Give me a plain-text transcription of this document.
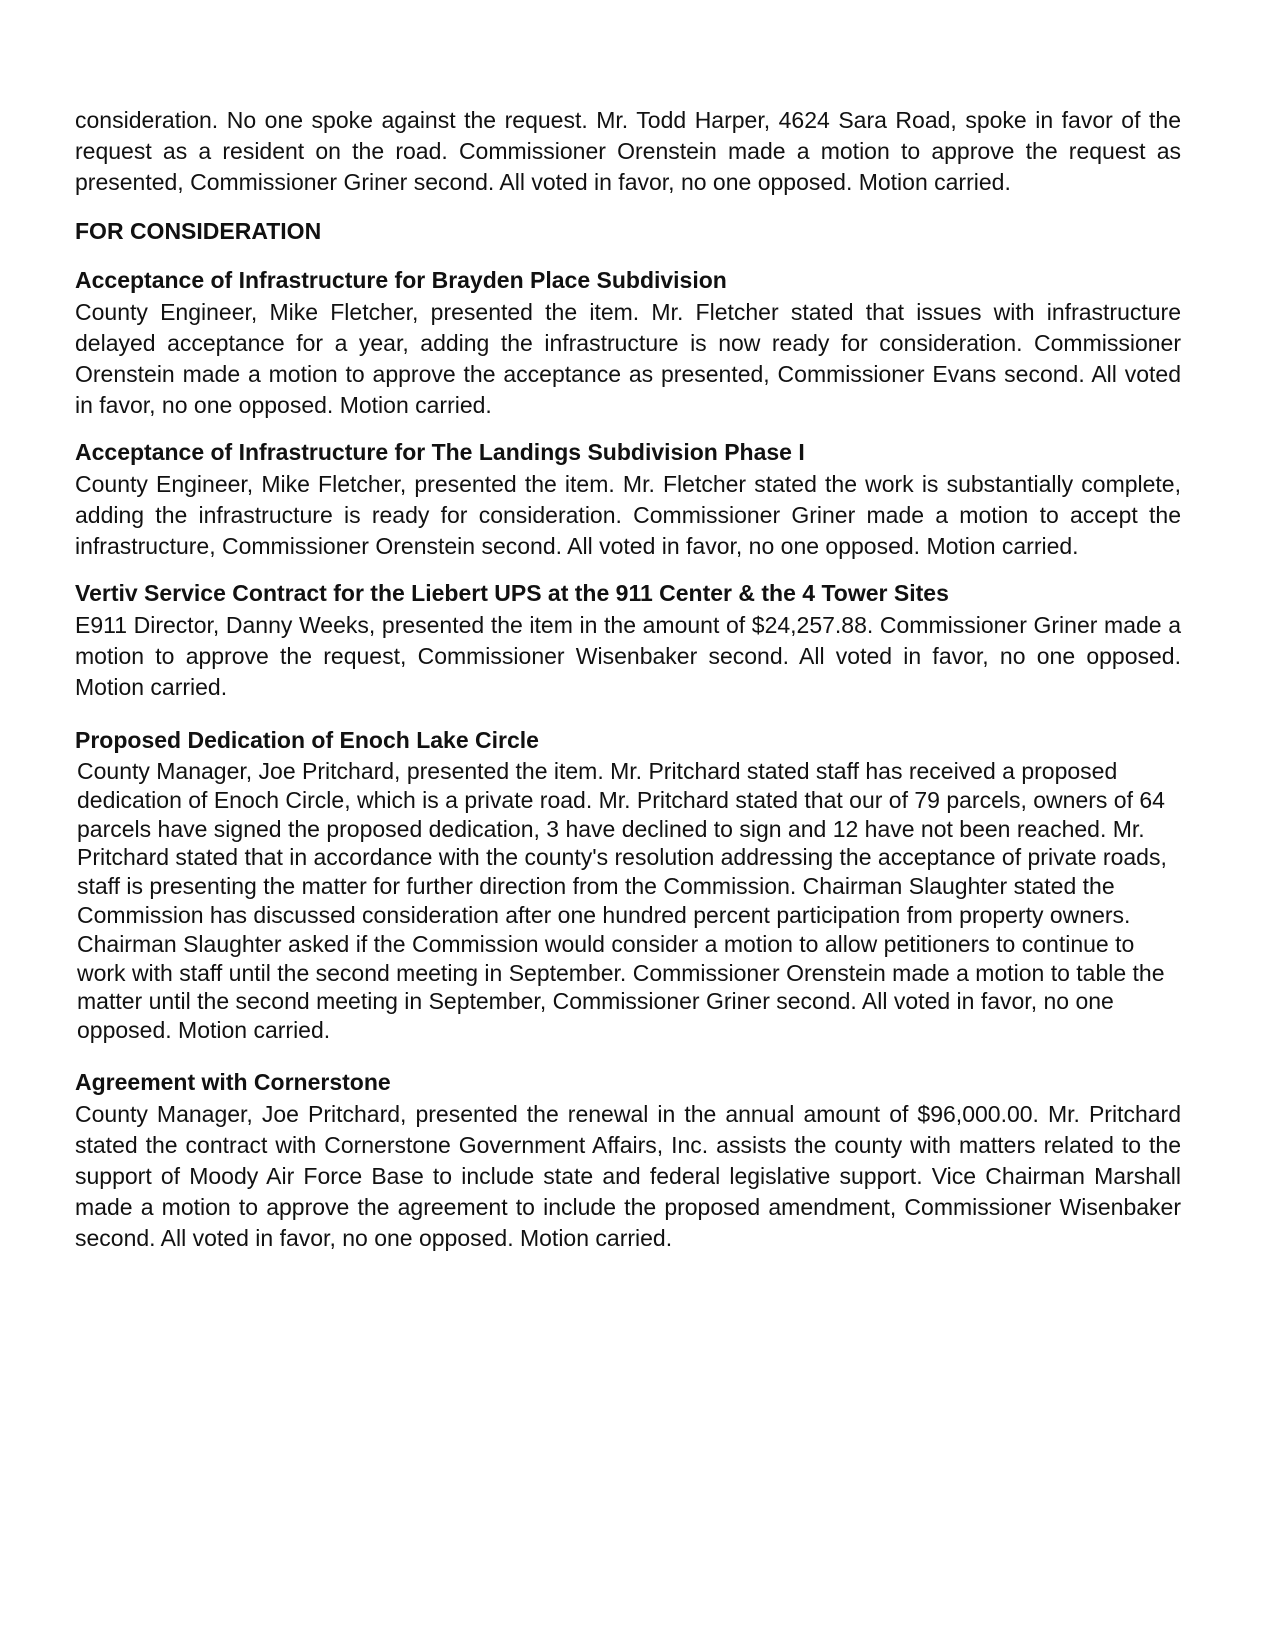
consideration. No one spoke against the request. Mr. Todd Harper, 4624 Sara Road, spoke in favor of the request as a resident on the road. Commissioner Orenstein made a motion to approve the request as presented, Commissioner Griner second. All voted in favor, no one opposed. Motion carried.

FOR CONSIDERATION
Acceptance of Infrastructure for Brayden Place Subdivision

County Engineer, Mike Fletcher, presented the item. Mr. Fletcher stated that issues with infrastructure delayed acceptance for a year, adding the infrastructure is now ready for consideration. Commissioner Orenstein made a motion to approve the acceptance as presented, Commissioner Evans second. All voted in favor, no one opposed. Motion carried.

Acceptance of Infrastructure for The Landings Subdivision Phase I

County Engineer, Mike Fletcher, presented the item. Mr. Fletcher stated the work is substantially complete, adding the infrastructure is ready for consideration. Commissioner Griner made a motion to accept the infrastructure, Commissioner Orenstein second. All voted in favor, no one opposed. Motion carried.

Vertiv Service Contract for the Liebert UPS at the 911 Center & the 4 Tower Sites

E911 Director, Danny Weeks, presented the item in the amount of $24,257.88. Commissioner Griner made a motion to approve the request, Commissioner Wisenbaker second. All voted in favor, no one opposed. Motion carried.

Proposed Dedication of Enoch Lake Circle

County Manager, Joe Pritchard, presented the item. Mr. Pritchard stated staff has received a proposed dedication of Enoch Circle, which is a private road. Mr. Pritchard stated that our of 79 parcels, owners of 64 parcels have signed the proposed dedication, 3 have declined to sign and 12 have not been reached. Mr. Pritchard stated that in accordance with the county's resolution addressing the acceptance of private roads, staff is presenting the matter for further direction from the Commission. Chairman Slaughter stated the Commission has discussed consideration after one hundred percent participation from property owners. Chairman Slaughter asked if the Commission would consider a motion to allow petitioners to continue to work with staff until the second meeting in September. Commissioner Orenstein made a motion to table the matter until the second meeting in September, Commissioner Griner second. All voted in favor, no one opposed. Motion carried.

Agreement with Cornerstone

County Manager, Joe Pritchard, presented the renewal in the annual amount of $96,000.00. Mr. Pritchard stated the contract with Cornerstone Government Affairs, Inc. assists the county with matters related to the support of Moody Air Force Base to include state and federal legislative support. Vice Chairman Marshall made a motion to approve the agreement to include the proposed amendment, Commissioner Wisenbaker second. All voted in favor, no one opposed. Motion carried.
